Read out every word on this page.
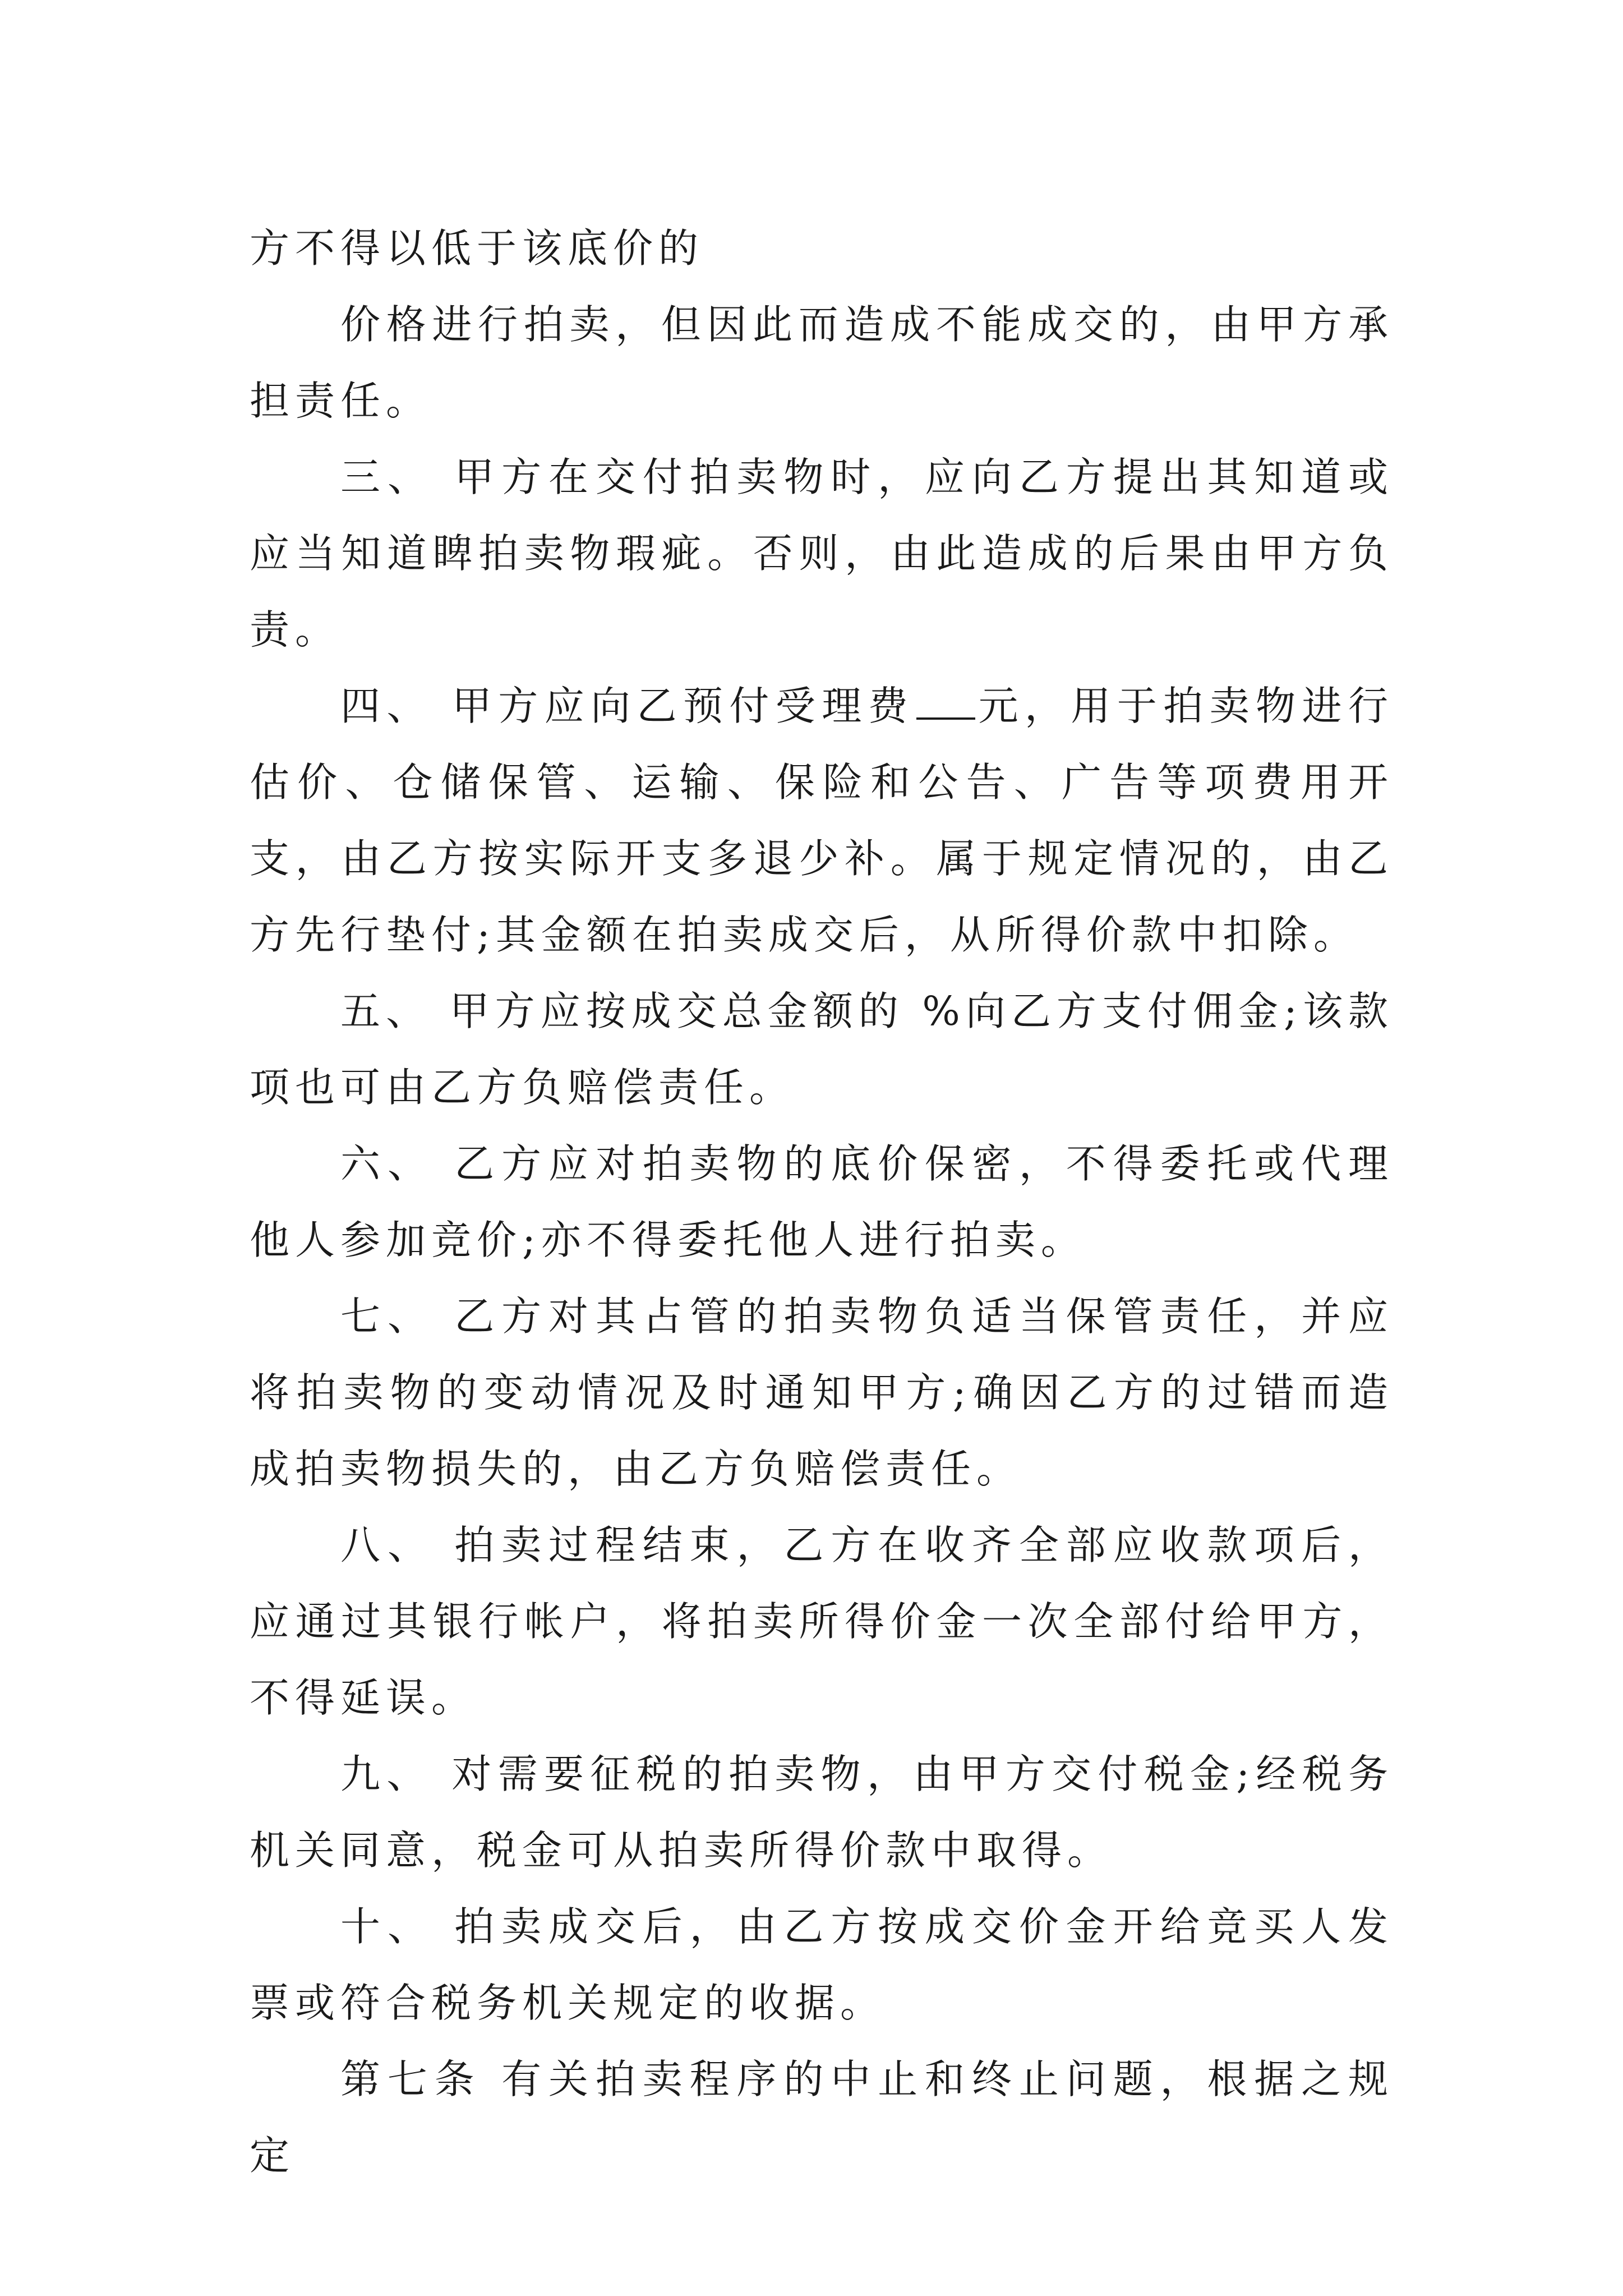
方不得以低于该底价的

价格进行拍卖，但因此而造成不能成交的，由甲方承担责任。

三、 甲方在交付拍卖物时，应向乙方提出其知道或应当知道睥拍卖物瑕疵。否则，由此造成的后果由甲方负责。

四、 甲方应向乙预付受理费 元，用于拍卖物进行估价、仓储保管、运输、保险和公告、广告等项费用开支，由乙方按实际开支多退少补。属于规定情况的，由乙方先行垫付;其金额在拍卖成交后，从所得价款中扣除。

五、 甲方应按成交总金额的 %向乙方支付佣金;该款项也可由乙方负赔偿责任。

六、 乙方应对拍卖物的底价保密，不得委托或代理他人参加竞价;亦不得委托他人进行拍卖。

七、 乙方对其占管的拍卖物负适当保管责任，并应将拍卖物的变动情况及时通知甲方;确因乙方的过错而造成拍卖物损失的，由乙方负赔偿责任。

八、 拍卖过程结束，乙方在收齐全部应收款项后，应通过其银行帐户，将拍卖所得价金一次全部付给甲方，不得延误。

九、 对需要征税的拍卖物，由甲方交付税金;经税务机关同意，税金可从拍卖所得价款中取得。

十、 拍卖成交后，由乙方按成交价金开给竞买人发票或符合税务机关规定的收据。

第七条 有关拍卖程序的中止和终止问题，根据之规定
